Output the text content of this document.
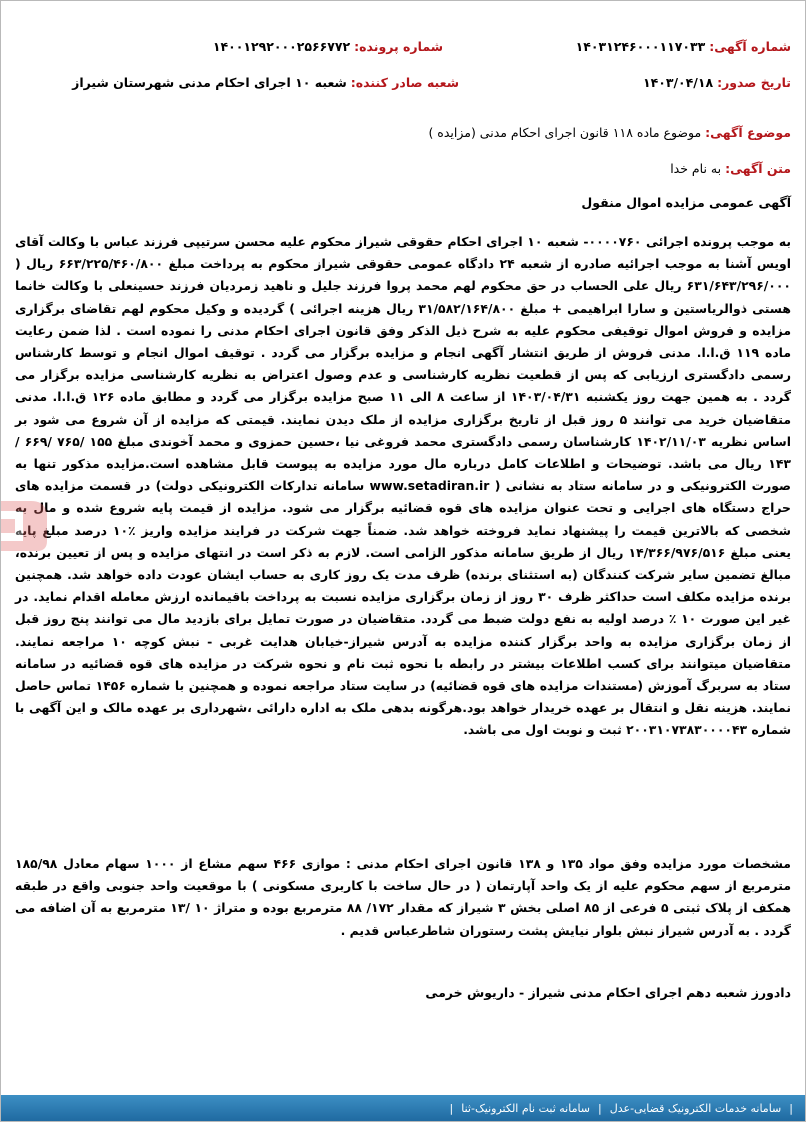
شماره آگهی: ۱۴۰۳۱۲۴۶۰۰۰۱۱۷۰۳۳
شماره پرونده: ۱۴۰۰۱۲۹۲۰۰۰۲۵۶۶۷۷۲
تاریخ صدور: ۱۴۰۳/۰۴/۱۸
شعبه صادر کننده: شعبه ۱۰ اجرای احکام مدنی شهرستان شیراز
موضوع آگهی: موضوع ماده ۱۱۸ قانون اجرای احکام مدنی (مزایده )
متن آگهی: به نام خدا
آگهی عمومی مزایده اموال منقول

به موجب پرونده اجرائی ۰۰۰۰۷۶۰- شعبه ۱۰ اجرای احکام حقوقی شیراز محکوم علیه محسن سرتیپی فرزند عباس با وکالت آقای اویس آشنا به موجب اجرائیه صادره از شعبه ۲۴ دادگاه عمومی حقوقی شیراز محکوم به پرداخت مبلغ ۶۶۳/۲۲۵/۴۶۰/۸۰۰ ریال ( ۶۳۱/۶۴۳/۲۹۶/۰۰۰ ریال علی الحساب در حق محکوم لهم محمد پروا فرزند جلیل و ناهید زمردیان فرزند حسینعلی با وکالت خانما هستی ذوالریاستین و سارا ابراهیمی + مبلغ ۳۱/۵۸۲/۱۶۴/۸۰۰ ریال هزینه اجرائی ) گردیده و وکیل محکوم لهم تقاضای برگزاری مزایده و فروش اموال توقیفی محکوم علیه به شرح ذیل الذکر وفق قانون اجرای احکام مدنی را نموده است . لذا ضمن رعایت ماده ۱۱۹ ق.ا.ا. مدنی فروش از طریق انتشار آگهی انجام و مزایده برگزار می گردد . توقیف اموال انجام و توسط کارشناس رسمی دادگستری ارزیابی که پس از قطعیت نظریه کارشناسی و عدم وصول اعتراض به نظریه کارشناسی مزایده برگزار می گردد . به همین جهت روز یکشنبه ۱۴۰۳/۰۴/۳۱ از ساعت ۸ الی ۱۱ صبح مزایده برگزار می گردد و مطابق ماده ۱۲۶ ق.ا.ا. مدنی متقاضیان خرید می توانند ۵ روز قبل از تاریخ برگزاری مزایده از ملک دیدن نمایند. قیمتی که مزایده از آن شروع می شود بر اساس نظریه ۱۴۰۲/۱۱/۰۳ کارشناسان رسمی دادگستری محمد فروغی نیا ،حسین حمزوی و محمد آخوندی مبلغ ۱۵۵ /۷۶۵ /۶۶۹ /۱۴۳ ریال می باشد. توضیحات و اطلاعات کامل درباره مال مورد مزایده به پیوست قابل مشاهده است.مزایده مذکور تنها به صورت الکترونیکی و در سامانه ستاد به نشانی ( www.setadiran.ir سامانه تدارکات الکترونیکی دولت) در قسمت مزایده های حراج دستگاه های اجرایی و تحت عنوان مزایده های قوه قضائیه برگزار می شود. مزایده از قیمت پایه شروع شده و مال به شخصی که بالاترین قیمت را پیشنهاد نماید فروخته خواهد شد. ضمناً جهت شرکت در فرایند مزایده واریز ٪۱۰ درصد مبلغ پایه یعنی مبلغ ۱۴/۳۶۶/۹۷۶/۵۱۶ ریال از طریق سامانه مذکور الزامی است. لازم به ذکر است در انتهای مزایده و پس از تعیین برنده، مبالغ تضمین سایر شرکت کنندگان (به استثنای برنده) ظرف مدت یک روز کاری به حساب ایشان عودت داده خواهد شد. همچنین برنده مزایده مکلف است حداکثر ظرف ۳۰ روز از زمان برگزاری مزایده نسبت به پرداخت باقیمانده ارزش معامله اقدام نماید. در غیر این صورت ۱۰ ٪ درصد اولیه به نفع دولت ضبط می گردد. متقاضیان در صورت تمایل برای بازدید مال می توانند پنج روز قبل از زمان برگزاری مزایده به واحد برگزار کننده مزایده به آدرس شیراز-خیابان هدایت غربی - نبش کوچه ۱۰ مراجعه نمایند. متقاضیان میتوانند برای کسب اطلاعات بیشتر در رابطه با نحوه ثبت نام و نحوه شرکت در مزایده های قوه قضائیه در سامانه ستاد به سربرگ آموزش (مستندات مزایده های قوه قضائیه) در سایت ستاد مراجعه نموده و همچنین با شماره ۱۴۵۶ تماس حاصل نمایند. هزینه نقل و انتقال بر عهده خریدار خواهد بود.هرگونه بدهی ملک به اداره دارائی ،شهرداری بر عهده مالک و این آگهی با شماره ۲۰۰۳۱۰۷۳۸۳۰۰۰۰۴۳ ثبت و نوبت اول می باشد.

مشخصات مورد مزایده وفق مواد ۱۳۵ و ۱۳۸ قانون اجرای احکام مدنی : موازی ۴۶۶ سهم مشاع از ۱۰۰۰ سهام معادل ۱۸۵/۹۸ مترمربع از سهم محکوم علیه از یک واحد آپارتمان ( در حال ساخت با کاربری مسکونی ) با موقعیت واحد جنوبی واقع در طبقه همکف از پلاک ثبتی ۵ فرعی از ۸۵ اصلی بخش ۳ شیراز که مقدار ۱۷۲/ ۸۸ مترمربع بوده و متراژ ۱۰ /۱۳ مترمربع به آن اضافه می گردد . به آدرس شیراز نبش بلوار نیایش پشت رستوران شاطرعباس قدیم .

دادورز شعبه دهم اجرای احکام مدنی شیراز - داریوش خرمی
|
سامانه خدمات الکترونیک قضایی-عدل
|
سامانه ثبت نام الکترونیک-ثنا
|
